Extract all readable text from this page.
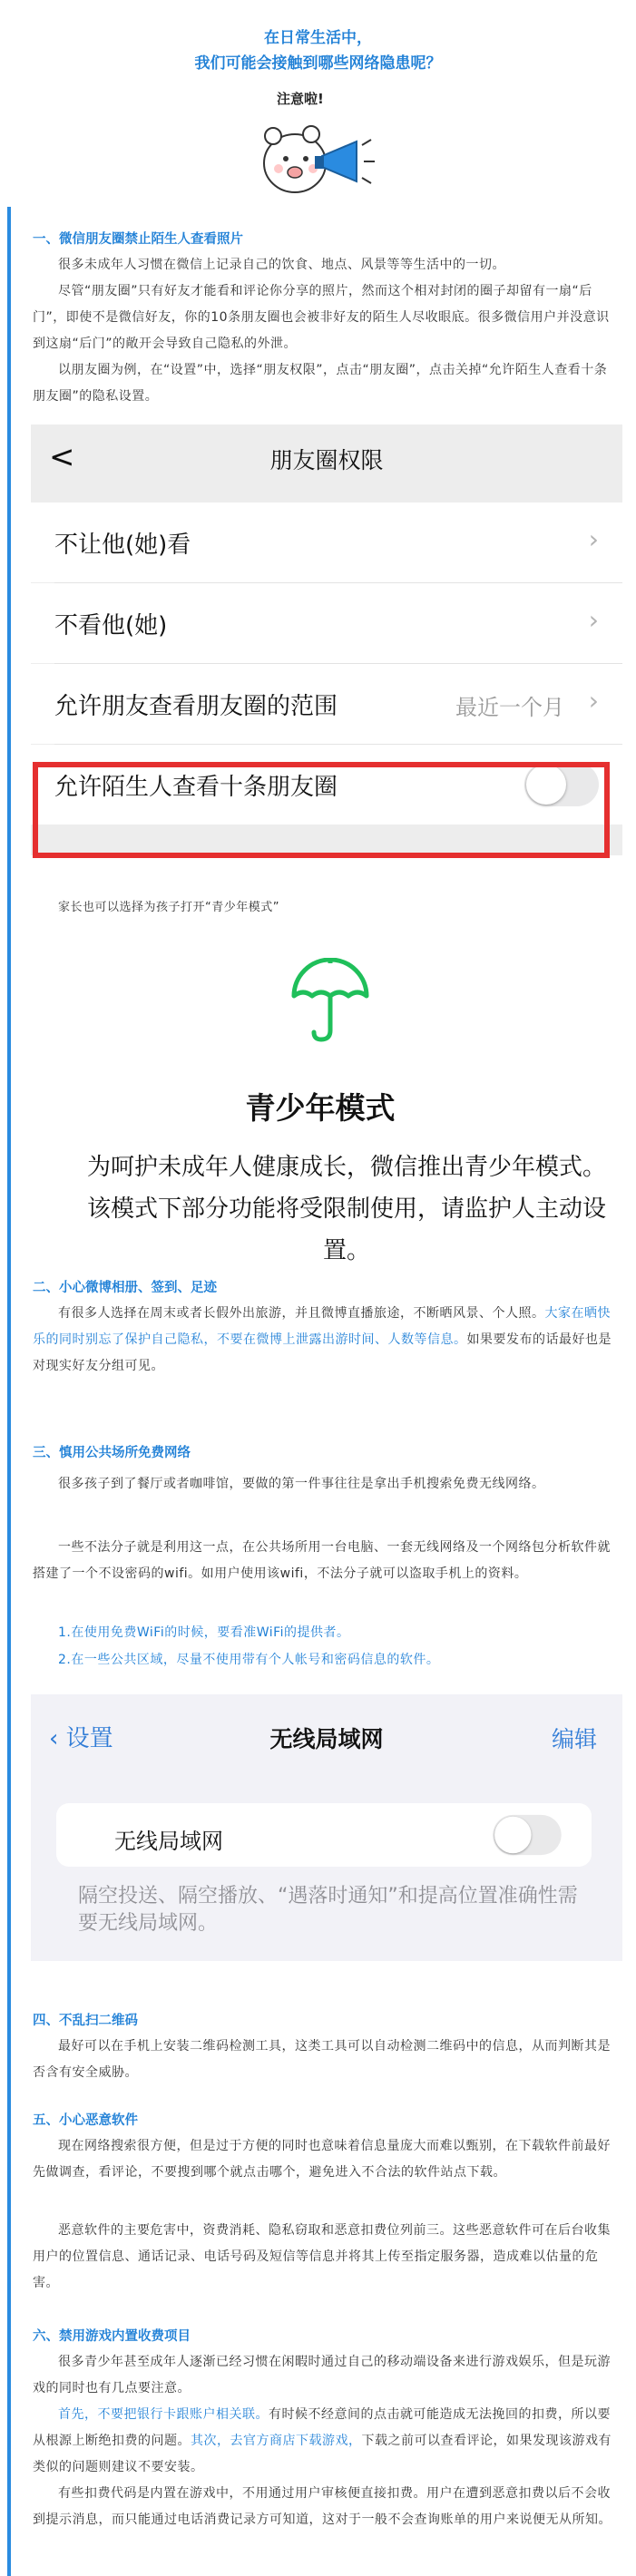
在日常生活中，
我们可能会接触到哪些网络隐患呢？
注意啦!
一、微信朋友圈禁止陌生人查看照片
很多未成年人习惯在微信上记录自己的饮食、地点、风景等等生活中的一切。
尽管“朋友圈”只有好友才能看和评论你分享的照片，然而这个相对封闭的圈子却留有一扇“后门”，即使不是微信好友，你的10条朋友圈也会被非好友的陌生人尽收眼底。很多微信用户并没意识到这扇“后门”的敞开会导致自己隐私的外泄。
以朋友圈为例，在“设置”中，选择“朋友权限”，点击“朋友圈”，点击关掉“允许陌生人查看十条朋友圈”的隐私设置。
<	朋友圈权限
不让他(她)看	›
不看他(她)	›
允许朋友查看朋友圈的范围	最近一个月 ›
允许陌生人查看十条朋友圈
家长也可以选择为孩子打开“青少年模式”
青少年模式
为呵护未成年人健康成长，微信推出青少年模式。该模式下部分功能将受限制使用，请监护人主动设置。
二、小心微博相册、签到、足迹
有很多人选择在周末或者长假外出旅游，并且微博直播旅途，不断晒风景、个人照。大家在晒快乐的同时别忘了保护自己隐私，不要在微博上泄露出游时间、人数等信息。如果要发布的话最好也是对现实好友分组可见。
三、慎用公共场所免费网络
很多孩子到了餐厅或者咖啡馆，要做的第一件事往往是拿出手机搜索免费无线网络。
一些不法分子就是利用这一点，在公共场所用一台电脑、一套无线网络及一个网络包分析软件就搭建了一个不设密码的wifi。如用户使用该wifi，不法分子就可以盗取手机上的资料。
1.在使用免费WiFi的时候，要看准WiFi的提供者。
2.在一些公共区域，尽量不使用带有个人帐号和密码信息的软件。
‹ 设置	无线局域网	编辑
无线局域网
隔空投送、隔空播放、“遇落时通知”和提高位置准确性需要无线局域网。
四、不乱扫二维码
最好可以在手机上安装二维码检测工具，这类工具可以自动检测二维码中的信息，从而判断其是否含有安全威胁。
五、小心恶意软件
现在网络搜索很方便，但是过于方便的同时也意味着信息量庞大而难以甄别，在下载软件前最好先做调查，看评论，不要搜到哪个就点击哪个，避免进入不合法的软件站点下载。
恶意软件的主要危害中，资费消耗、隐私窃取和恶意扣费位列前三。这些恶意软件可在后台收集用户的位置信息、通话记录、电话号码及短信等信息并将其上传至指定服务器，造成难以估量的危害。
六、禁用游戏内置收费项目
很多青少年甚至成年人逐渐已经习惯在闲暇时通过自己的移动端设备来进行游戏娱乐，但是玩游戏的同时也有几点要注意。
首先，不要把银行卡跟账户相关联。有时候不经意间的点击就可能造成无法挽回的扣费，所以要从根源上断绝扣费的问题。其次，去官方商店下载游戏，下载之前可以查看评论，如果发现该游戏有类似的问题则建议不要安装。
有些扣费代码是内置在游戏中，不用通过用户审核便直接扣费。用户在遭到恶意扣费以后不会收到提示消息，而只能通过电话消费记录方可知道，这对于一般不会查询账单的用户来说便无从所知。
